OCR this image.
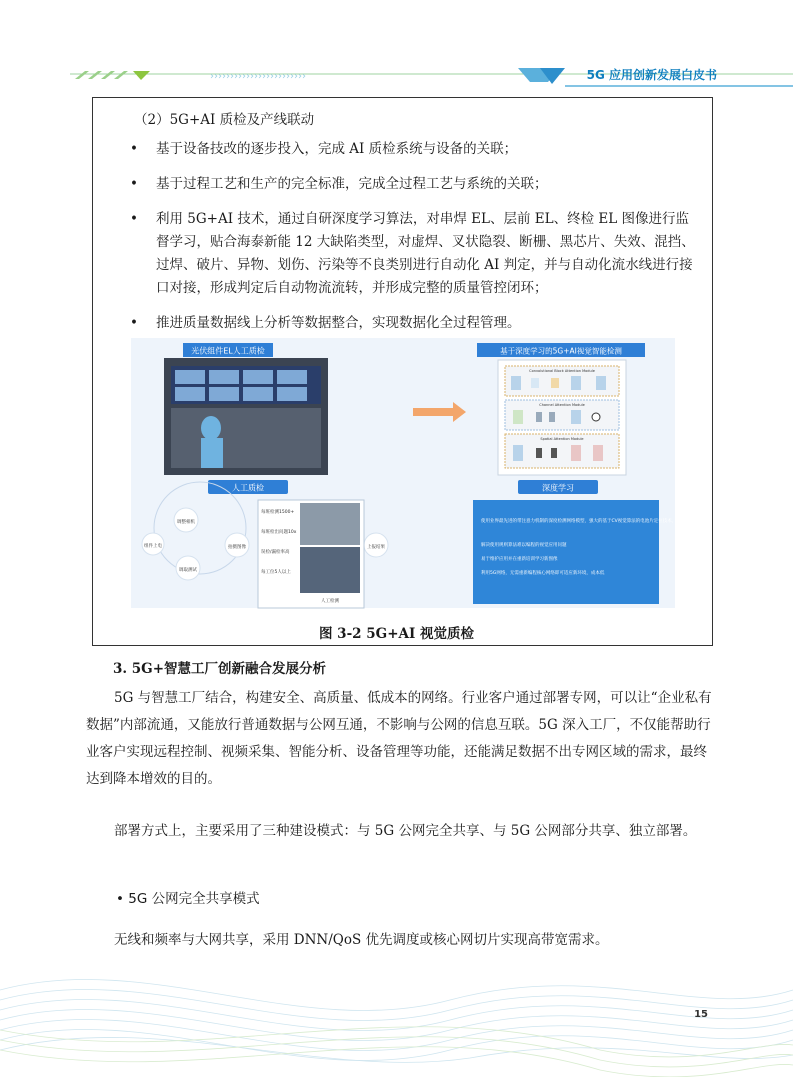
››››››››››››››››››››››››	5G 应用创新发展白皮书
（2）5G+AI 质检及产线联动
• 基于设备技改的逐步投入，完成 AI 质检系统与设备的关联；
• 基于过程工艺和生产的完全标准，完成全过程工艺与系统的关联；
• 利用 5G+AI 技术，通过自研深度学习算法，对串焊 EL、层前 EL、终检 EL 图像进行监督学习，贴合海泰新能 12 大缺陷类型，对虚焊、叉状隐裂、断栅、黑芯片、失效、混挡、过焊、破片、异物、划伤、污染等不良类别进行自动化 AI 判定，并与自动化流水线进行接口对接，形成判定后自动物流流转，并形成完整的质量管控闭环；
• 推进质量数据线上分析等数据整合，实现数据化全过程管理。
光伏组件EL人工质检
人工质检
基于深度学习的5G+AI视觉智能检测
Convolutional Block Attention Module
Channel Attention Module
Spatial Attention Module
深度学习
调整相机
组件上电	拍摄图像
调取测试
上报结果
每班检测1500+
每班检出问题10x
误检/漏检率高
每工位5人以上
人工检测
使用业界最先进的带注意力机制的深度检测网络模型，强大的基于CV视觉算法的电池片定位技术，算法易集成。
解决使用规则算法难以编程的视觉应用问题
易于维护应用并在重新培训学习新图像
利用5G网络，无需重新编程核心网络即可适应新环境，成本低
图 3-2 5G+AI 视觉质检
3. 5G+智慧工厂创新融合发展分析

5G 与智慧工厂结合，构建安全、高质量、低成本的网络。行业客户通过部署专网，可以让“企业私有数据”内部流通，又能放行普通数据与公网互通，不影响与公网的信息互联。5G 深入工厂，不仅能帮助行业客户实现远程控制、视频采集、智能分析、设备管理等功能，还能满足数据不出专网区域的需求，最终达到降本增效的目的。

部署方式上，主要采用了三种建设模式：与 5G 公网完全共享、与 5G 公网部分共享、独立部署。

• 5G 公网完全共享模式
无线和频率与大网共享，采用 DNN/QoS 优先调度或核心网切片实现高带宽需求。
15
